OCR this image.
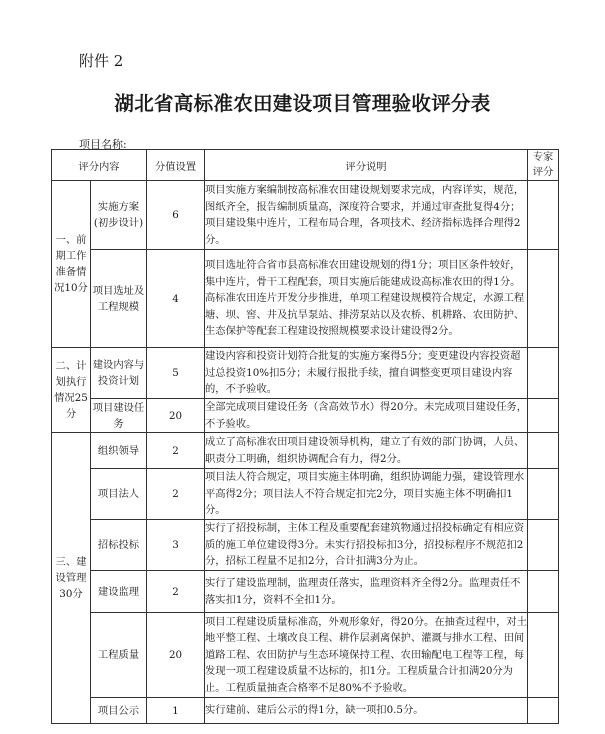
附件 2
湖北省高标准农田建设项目管理验收评分表
项目名称:
评分内容		分值设置	评分说明	专家评分
一、前期工作准备情况10分	实施方案(初步设计)	6	项目实施方案编制按高标准农田建设规划要求完成，内容详实，规范，图纸齐全，报告编制质量高，深度符合要求，并通过审查批复得4分；项目建设集中连片，工程布局合理，各项技术、经济指标选择合理得2分。	
	项目选址及工程规模	4	项目选址符合省市县高标准农田建设规划的得1分；项目区条件较好，集中连片，骨干工程配套，项目实施后能建成设高标准农田的得1分。高标准农田连片开发分步推进，单项工程建设规模符合规定，水源工程塘、坝、窖、井及抗旱泵站、排涝泵站以及农桥、机耕路、农田防护、生态保护等配套工程建设按照规模要求设计建设得2分。	
二、计划执行情况25分	建设内容与投资计划	5	建设内容和投资计划符合批复的实施方案得5分；变更建设内容投资超过总投资10%扣5分；未履行报批手续，擅自调整变更项目建设内容的，不予验收。	
	项目建设任务	20	全部完成项目建设任务（含高效节水）得20分。未完成项目建设任务，不予验收。	
三、建设管理30分	组织领导	2	成立了高标准农田项目建设领导机构，建立了有效的部门协调，人员、职责分工明确，组织协调配合有力，得2分。	
	项目法人	2	项目法人符合规定，项目实施主体明确，组织协调能力强，建设管理水平高得2分；项目法人不符合规定扣完2分，项目实施主体不明确扣1分。	
	招标投标	3	实行了招投标制，主体工程及重要配套建筑物通过招投标确定有相应资质的施工单位建设得3分。未实行招投标扣3分，招投标程序不规范扣2分，招标工程量不足扣2分，合计扣满3分为止。	
	建设监理	2	实行了建设监理制，监理责任落实，监理资料齐全得2分。监理责任不落实扣1分，资料不全扣1分。	
	工程质量	20	项目工程建设质量标准高，外观形象好，得20分。在抽查过程中，对土地平整工程、土壤改良工程、耕作层剥离保护、灌溉与排水工程、田间道路工程、农田防护与生态环境保持工程、农田输配电工程等工程，每发现一项工程建设质量不达标的，扣1分。工程质量合计扣满20分为止。工程质量抽查合格率不足80%不予验收。	
	项目公示	1	实行建前、建后公示的得1分，缺一项扣0.5分。	
